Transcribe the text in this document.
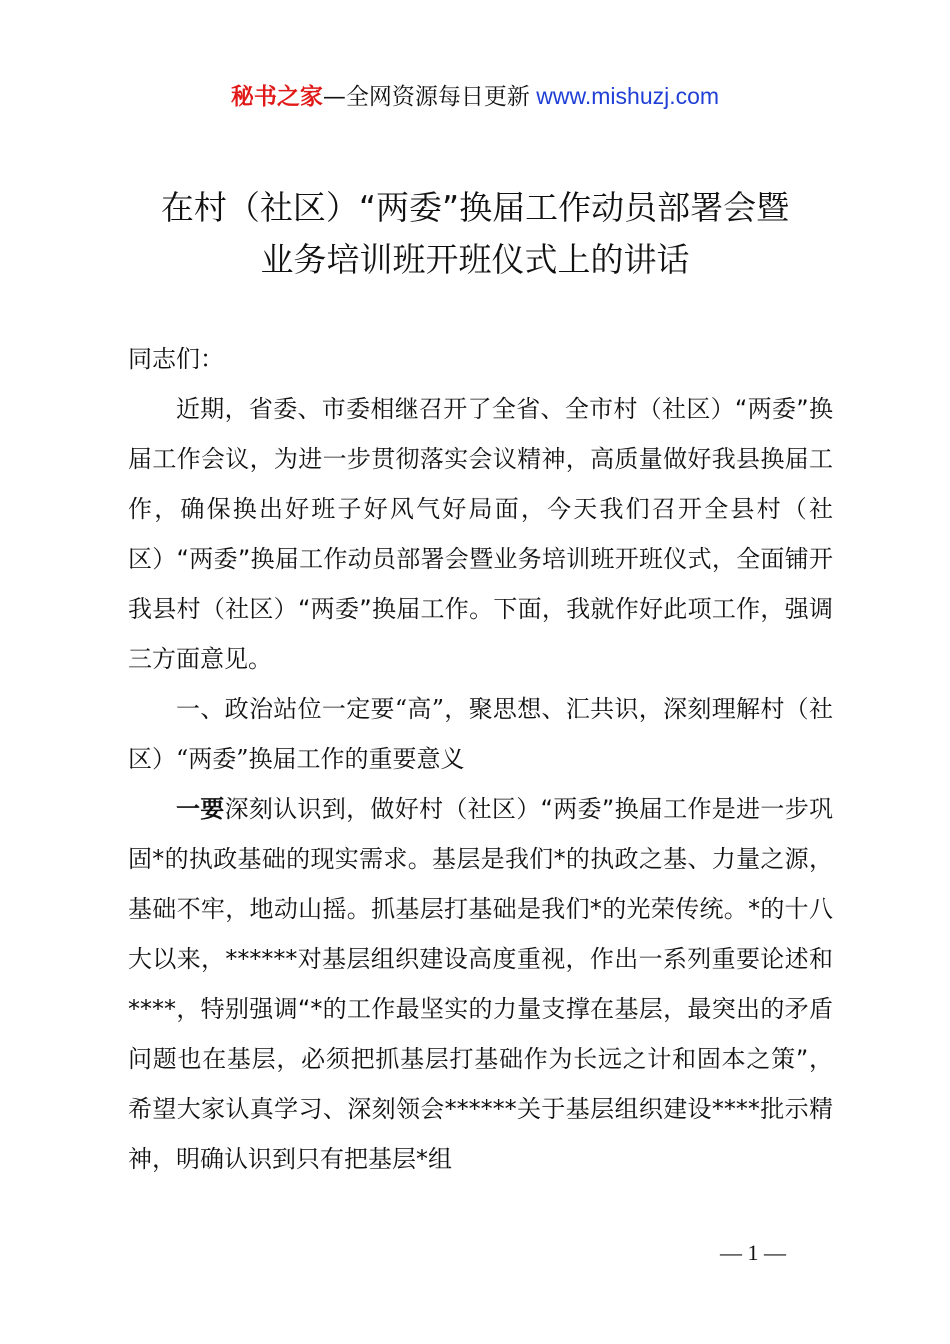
秘书之家—全网资源每日更新 www.mishuzj.com
在村（社区）“两委”换届工作动员部署会暨
业务培训班开班仪式上的讲话

同志们：

近期，省委、市委相继召开了全省、全市村（社区）“两委”换届工作会议，为进一步贯彻落实会议精神，高质量做好我县换届工作，确保换出好班子好风气好局面，今天我们召开全县村（社区）“两委”换届工作动员部署会暨业务培训班开班仪式，全面铺开我县村（社区）“两委”换届工作。下面，我就作好此项工作，强调三方面意见。

一、政治站位一定要“高”，聚思想、汇共识，深刻理解村（社区）“两委”换届工作的重要意义

一要深刻认识到，做好村（社区）“两委”换届工作是进一步巩固*的执政基础的现实需求。基层是我们*的执政之基、力量之源，基础不牢，地动山摇。抓基层打基础是我们*的光荣传统。*的十八大以来，******对基层组织建设高度重视，作出一系列重要论述和****，特别强调“*的工作最坚实的力量支撑在基层，最突出的矛盾问题也在基层，必须把抓基层打基础作为长远之计和固本之策”，希望大家认真学习、深刻领会******关于基层组织建设****批示精神，明确认识到只有把基层*组

— 1 —
